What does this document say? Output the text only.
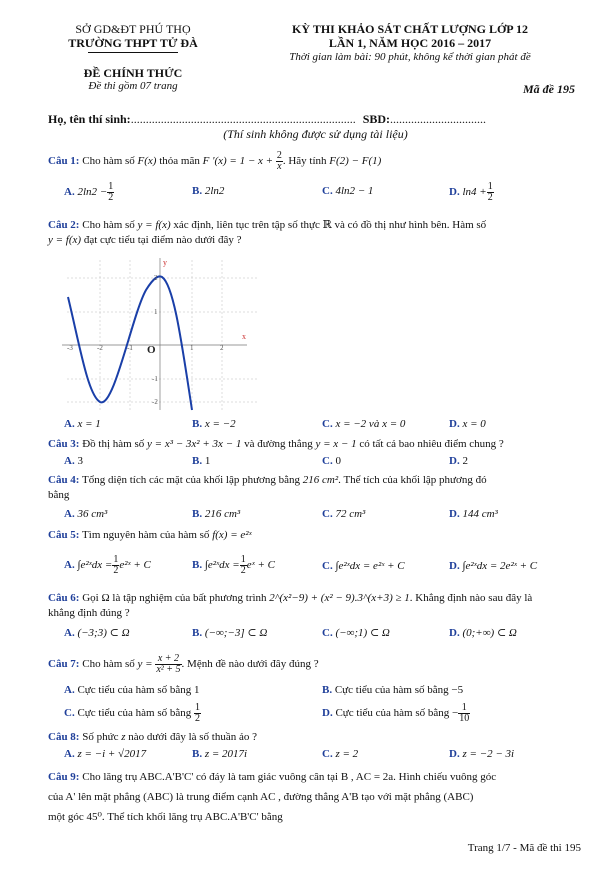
SỞ GD&ĐT PHÚ THỌ
TRƯỜNG THPT TỬ ĐÀ
ĐỀ CHÍNH THỨC
Đề thi gồm 07 trang
KỲ THI KHẢO SÁT CHẤT LƯỢNG LỚP 12
LẦN 1, NĂM HỌC 2016 – 2017
Thời gian làm bài: 90 phút, không kể thời gian phát đề
Mã đề 195
Họ, tên thí sinh:........................................................................... SBD:................................
(Thí sinh không được sử dụng tài liệu)
Câu 1: Cho hàm số F(x) thỏa mãn F '$(x) = 1 - x + \frac{2}{x}$ . Hãy tính F(2) − F(1)
A. $2\ln 2 - \frac{1}{2}$	B. 2ln2	C. 4ln2 − 1	D. $\ln 4 + \frac{1}{2}$
Câu 2: Cho hàm số y = f(x) xác định, liên tục trên tập số thực ℝ và có đồ thị như hình bên. Hàm số
y = f(x) đạt cực tiểu tại điểm nào dưới đây ?
-3	-2	-1	1	2
2
1
-1
-2
O
x
y
A. x = 1	B. x = −2	C. x = −2 và x = 0	D. x = 0
Câu 3: Đồ thị hàm số y = x³ − 3x² + 3x − 1 và đường thẳng y = x − 1 có tất cả bao nhiêu điểm chung ?
A. 3	B. 1	C. 0	D. 2
Câu 4: Tổng diện tích các mặt của khối lập phương bằng 216 cm². Thể tích của khối lập phương đó
bằng
A. 36 cm³	B. 216 cm³	C. 72 cm³	D. 144 cm³
Câu 5: Tìm nguyên hàm của hàm số f(x) = e²ˣ
A. ∫e²ˣdx = $\frac{1}{2}$ e²ˣ + C	B. ∫e²ˣdx = $\frac{1}{2}$ eˣ + C	C. ∫e²ˣdx = e²ˣ + C	D. ∫e²ˣdx = 2e²ˣ + C
Câu 6: Gọi Ω là tập nghiệm của bất phương trình 2^(x²−9) + (x² − 9).3^(x+3) ≥ 1. Khẳng định nào sau đây là
khẳng định đúng ?
A. (−3;3) ⊂ Ω	B. (−∞;−3] ⊂ Ω	C. (−∞;1) ⊂ Ω	D. (0;+∞) ⊂ Ω
Câu 7: Cho hàm số $y = \frac{x + 2}{\text{x² + 5}}$ . Mệnh đề nào dưới đây đúng ?
A. Cực tiểu của hàm số bằng 1	B. Cực tiểu của hàm số bằng −5
C. Cực tiểu của hàm số bằng $\frac{1}{2}$	D. Cực tiểu của hàm số bằng − $\frac{1}{10}$
Câu 8: Số phức z nào dưới đây là số thuần ảo ?
A. z = −i + √2017	B. z = 2017i	C. z = 2	D. z = −2 − 3i
Câu 9: Cho lăng trụ ABC.A'B'C' có đáy là tam giác vuông cân tại B , AC = 2a. Hình chiếu vuông góc
của A' lên mặt phẳng (ABC) là trung điểm cạnh AC , đường thẳng A'B tạo với mặt phẳng (ABC)
một góc 45⁰. Thể tích khối lăng trụ ABC.A'B'C' bằng
Trang 1/7 - Mã đề thi 195
